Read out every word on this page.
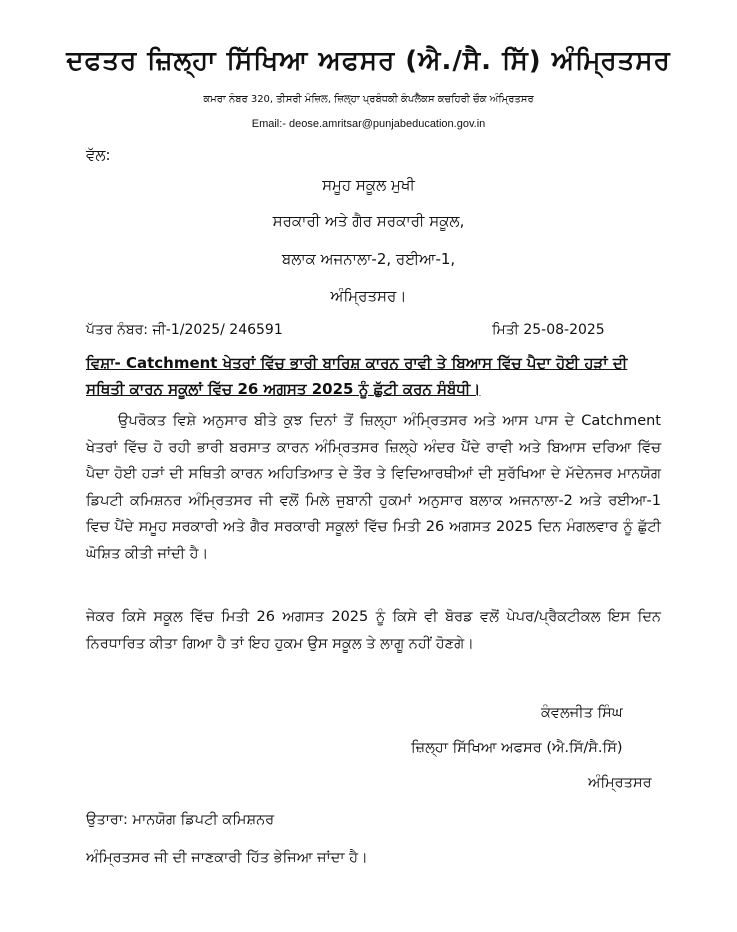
ਦਫਤਰ ਜ਼ਿਲ੍ਹਾ ਸਿੱਖਿਆ ਅਫਸਰ (ਐ./ਸੈ. ਸਿੱ) ਅੰਮ੍ਰਿਤਸਰ
ਕਮਰਾ ਨੰਬਰ 320, ਤੀਸਰੀ ਮੰਜ਼ਿਲ, ਜ਼ਿਲ੍ਹਾ ਪ੍ਰਬੰਧਕੀ ਕੰਪਲੈਕਸ ਕਚਹਿਰੀ ਚੌਕ ਅੰਮ੍ਰਿਤਸਰ
Email:- deose.amritsar@punjabeducation.gov.in
ਵੱਲ:
ਸਮੂਹ ਸਕੂਲ ਮੁਖੀ
ਸਰਕਾਰੀ ਅਤੇ ਗੈਰ ਸਰਕਾਰੀ ਸਕੂਲ,
ਬਲਾਕ ਅਜਨਾਲਾ-2, ਰਈਆ-1,
ਅੰਮ੍ਰਿਤਸਰ।
ਪੱਤਰ ਨੰਬਰ: ਜੀ-1/2025/ 246591	ਮਿਤੀ 25-08-2025
ਵਿਸ਼ਾ- Catchment ਖੇਤਰਾਂ ਵਿੱਚ ਭਾਰੀ ਬਾਰਿਸ਼ ਕਾਰਨ ਰਾਵੀ ਤੇ ਬਿਆਸ ਵਿੱਚ ਪੈਦਾ ਹੋਈ ਹੜਾਂ ਦੀ ਸਥਿਤੀ ਕਾਰਨ ਸਕੂਲਾਂ ਵਿੱਚ 26 ਅਗਸਤ 2025 ਨੂੰ ਛੁੱਟੀ ਕਰਨ ਸੰਬੰਧੀ।
ਉਪਰੋਕਤ ਵਿਸ਼ੇ ਅਨੁਸਾਰ ਬੀਤੇ ਕੁਝ ਦਿਨਾਂ ਤੋਂ ਜ਼ਿਲ੍ਹਾ ਅੰਮ੍ਰਿਤਸਰ ਅਤੇ ਆਸ ਪਾਸ ਦੇ Catchment ਖੇਤਰਾਂ ਵਿੱਚ ਹੋ ਰਹੀ ਭਾਰੀ ਬਰਸਾਤ ਕਾਰਨ ਅੰਮ੍ਰਿਤਸਰ ਜ਼ਿਲ੍ਹੇ ਅੰਦਰ ਪੈਂਦੇ ਰਾਵੀ ਅਤੇ ਬਿਆਸ ਦਰਿਆ ਵਿੱਚ ਪੈਦਾ ਹੋਈ ਹੜਾਂ ਦੀ ਸਥਿਤੀ ਕਾਰਨ ਅਹਿਤਿਆਤ ਦੇ ਤੌਰ ਤੇ ਵਿਦਿਆਰਥੀਆਂ ਦੀ ਸੁਰੱਖਿਆ ਦੇ ਮੱਦੇਨਜਰ ਮਾਨਯੋਗ ਡਿਪਟੀ ਕਮਿਸ਼ਨਰ ਅੰਮ੍ਰਿਤਸਰ ਜੀ ਵਲੋਂ ਮਿਲੇ ਜੁਬਾਨੀ ਹੁਕਮਾਂ ਅਨੁਸਾਰ ਬਲਾਕ ਅਜਨਾਲਾ-2 ਅਤੇ ਰਈਆ-1 ਵਿਚ ਪੈਂਦੇ ਸਮੂਹ ਸਰਕਾਰੀ ਅਤੇ ਗੈਰ ਸਰਕਾਰੀ ਸਕੂਲਾਂ ਵਿੱਚ ਮਿਤੀ 26 ਅਗਸਤ 2025 ਦਿਨ ਮੰਗਲਵਾਰ ਨੂੰ ਛੁੱਟੀ ਘੋਸ਼ਿਤ ਕੀਤੀ ਜਾਂਦੀ ਹੈ।
ਜੇਕਰ ਕਿਸੇ ਸਕੂਲ ਵਿੱਚ ਮਿਤੀ 26 ਅਗਸਤ 2025 ਨੂੰ ਕਿਸੇ ਵੀ ਬੋਰਡ ਵਲੋਂ ਪੇਪਰ/ਪ੍ਰੈਕਟੀਕਲ ਇਸ ਦਿਨ ਨਿਰਧਾਰਿਤ ਕੀਤਾ ਗਿਆ ਹੈ ਤਾਂ ਇਹ ਹੁਕਮ ਉਸ ਸਕੂਲ ਤੇ ਲਾਗੂ ਨਹੀਂ ਹੋਣਗੇ।
ਕੰਵਲਜੀਤ ਸਿੰਘ
ਜ਼ਿਲ੍ਹਾ ਸਿੱਖਿਆ ਅਫਸਰ (ਐ.ਸਿੱ/ਸੈ.ਸਿੱ)
ਅੰਮ੍ਰਿਤਸਰ
ਉਤਾਰਾ: ਮਾਨਯੋਗ ਡਿਪਟੀ ਕਮਿਸ਼ਨਰ
ਅੰਮ੍ਰਿਤਸਰ ਜੀ ਦੀ ਜਾਣਕਾਰੀ ਹਿੱਤ ਭੇਜਿਆ ਜਾਂਦਾ ਹੈ।
